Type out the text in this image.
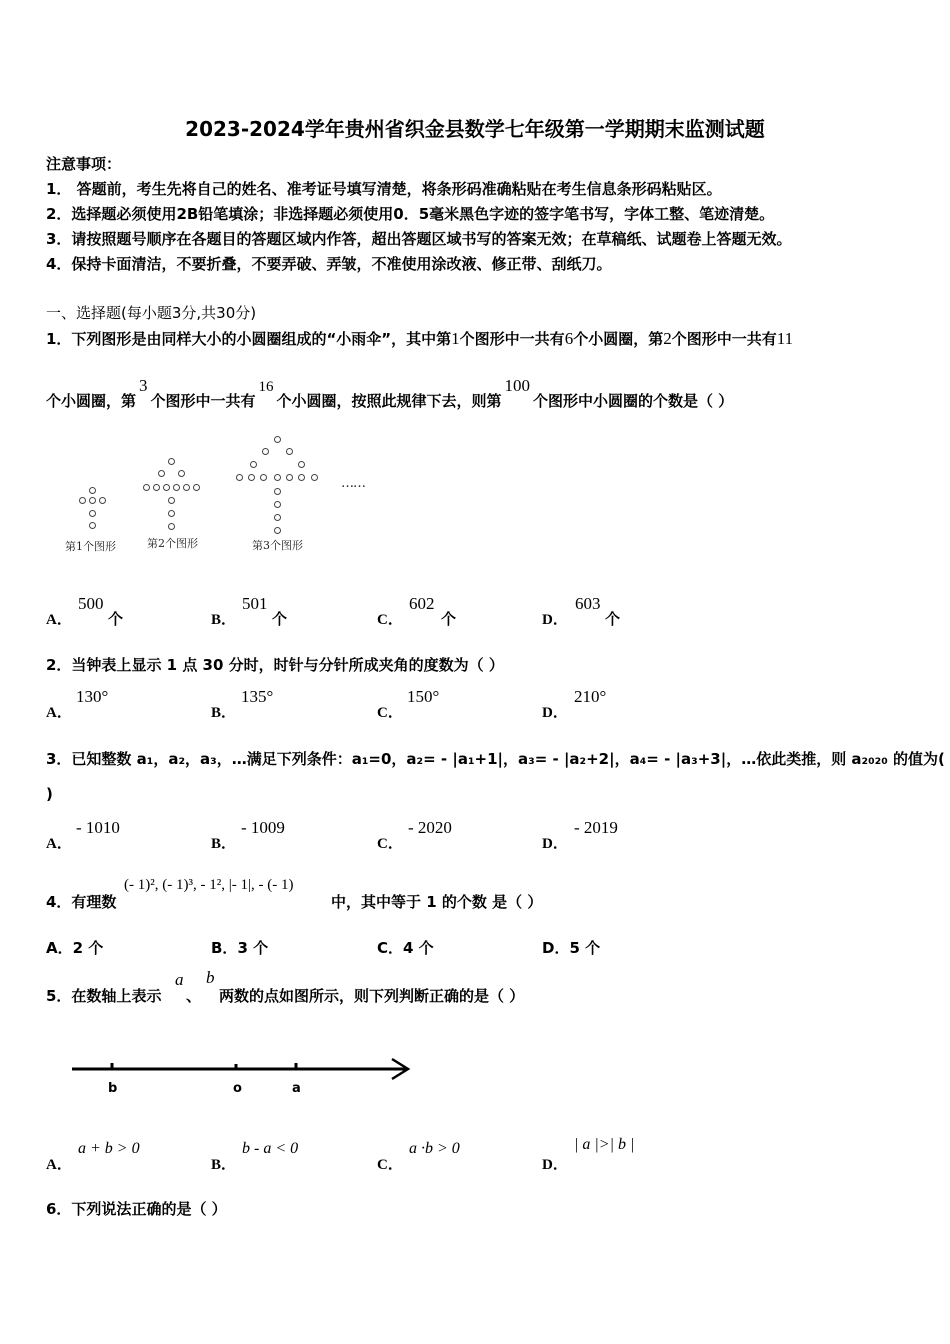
2023-2024学年贵州省织金县数学七年级第一学期期末监测试题
注意事项：
1． 答题前，考生先将自己的姓名、准考证号填写清楚，将条形码准确粘贴在考生信息条形码粘贴区。
2．选择题必须使用2B铅笔填涂；非选择题必须使用0．5毫米黑色字迹的签字笔书写，字体工整、笔迹清楚。
3．请按照题号顺序在各题目的答题区域内作答，超出答题区域书写的答案无效；在草稿纸、试题卷上答题无效。
4．保持卡面清洁，不要折叠，不要弄破、弄皱，不准使用涂改液、修正带、刮纸刀。
一、选择题(每小题3分,共30分)
1．下列图形是由同样大小的小圆圈组成的“小雨伞”，其中第1个图形中一共有6个小圆圈，第2个图形中一共有11
个小圆圈，第3个图形中一共有16个小圆圈，按照此规律下去，则第100个图形中小圆圈的个数是（ ）
第1个图形	第2个图形	第3个图形
……
A．
500
个	B．
501
个	C．
602
个	D．
603
个
2．当钟表上显示 1 点 30 分时，时针与分针所成夹角的度数为（ ）
A．
130°
B．
135°
C．
150°
D．
210°
3．已知整数 a₁，a₂，a₃，…满足下列条件：a₁=0，a₂= - |a₁+1|，a₃= - |a₂+2|，a₄= - |a₃+3|，…依此类推，则 a₂₀₂₀ 的值为(
)
A．
- 1010
B．
- 1009
C．
- 2020
D．
- 2019
4．有理数
(- 1)², (- 1)³, - 1², |- 1|, - (- 1)
中，其中等于 1 的个数 是（ ）
A．2 个	B．3 个	C．4 个	D．5 个
5．在数轴上表示
a
、
b
两数的点如图所示，则下列判断正确的是（ ）
b	o	a
A．
a + b > 0
B．
b - a < 0
C．
a ·b > 0
D．
| a |>| b |
6．下列说法正确的是（ ）
